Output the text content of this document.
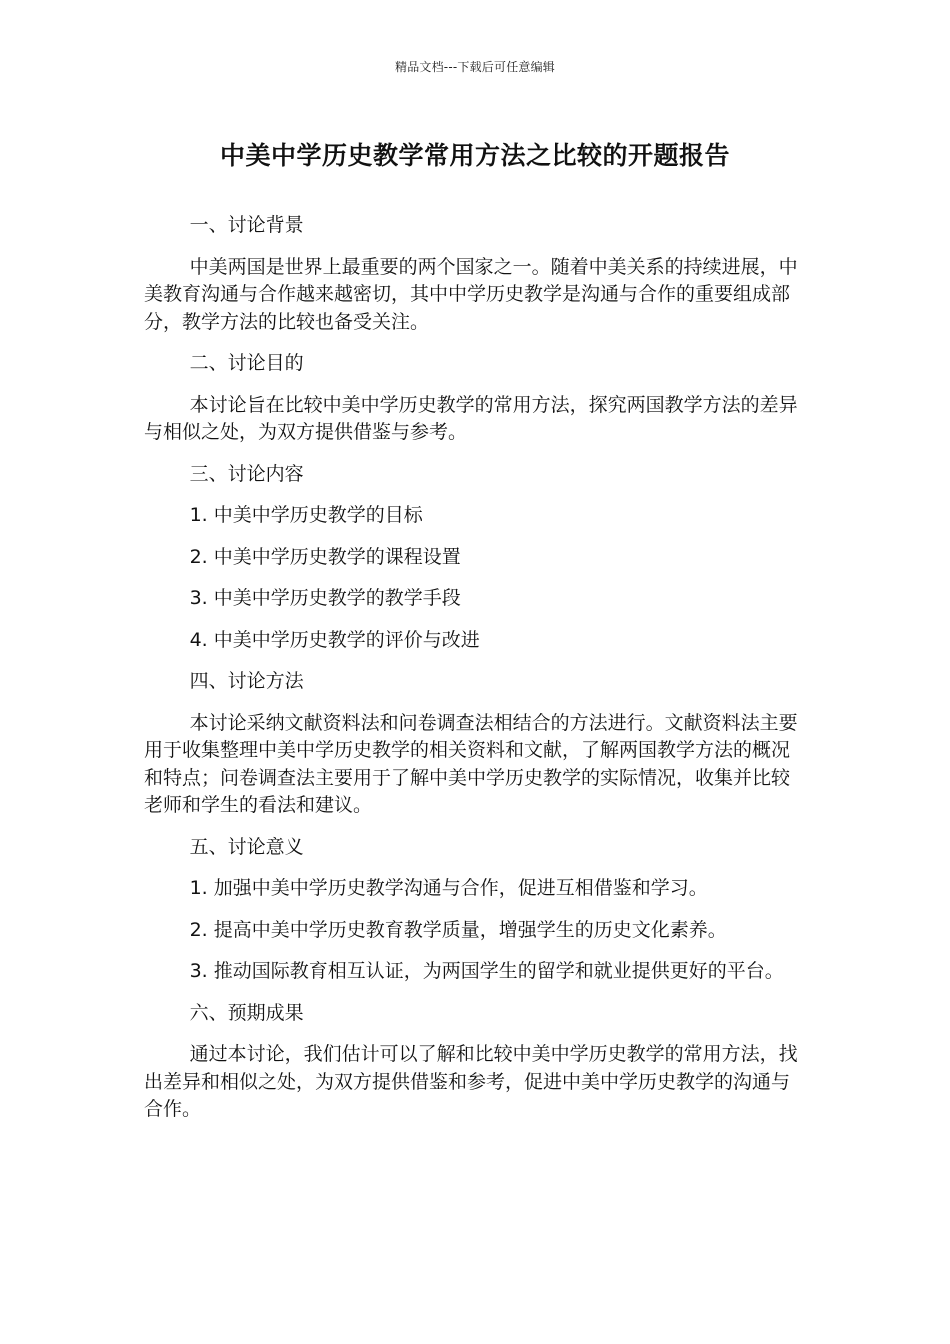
精品文档---下载后可任意编辑
中美中学历史教学常用方法之比较的开题报告

一、讨论背景

中美两国是世界上最重要的两个国家之一。随着中美关系的持续进展，中美教育沟通与合作越来越密切，其中中学历史教学是沟通与合作的重要组成部分，教学方法的比较也备受关注。

二、讨论目的

本讨论旨在比较中美中学历史教学的常用方法，探究两国教学方法的差异与相似之处，为双方提供借鉴与参考。

三、讨论内容

1. 中美中学历史教学的目标

2. 中美中学历史教学的课程设置

3. 中美中学历史教学的教学手段

4. 中美中学历史教学的评价与改进

四、讨论方法

本讨论采纳文献资料法和问卷调查法相结合的方法进行。文献资料法主要用于收集整理中美中学历史教学的相关资料和文献，了解两国教学方法的概况和特点；问卷调查法主要用于了解中美中学历史教学的实际情况，收集并比较老师和学生的看法和建议。

五、讨论意义

1. 加强中美中学历史教学沟通与合作，促进互相借鉴和学习。

2. 提高中美中学历史教育教学质量，增强学生的历史文化素养。

3. 推动国际教育相互认证，为两国学生的留学和就业提供更好的平台。

六、预期成果

通过本讨论，我们估计可以了解和比较中美中学历史教学的常用方法，找出差异和相似之处，为双方提供借鉴和参考，促进中美中学历史教学的沟通与合作。
